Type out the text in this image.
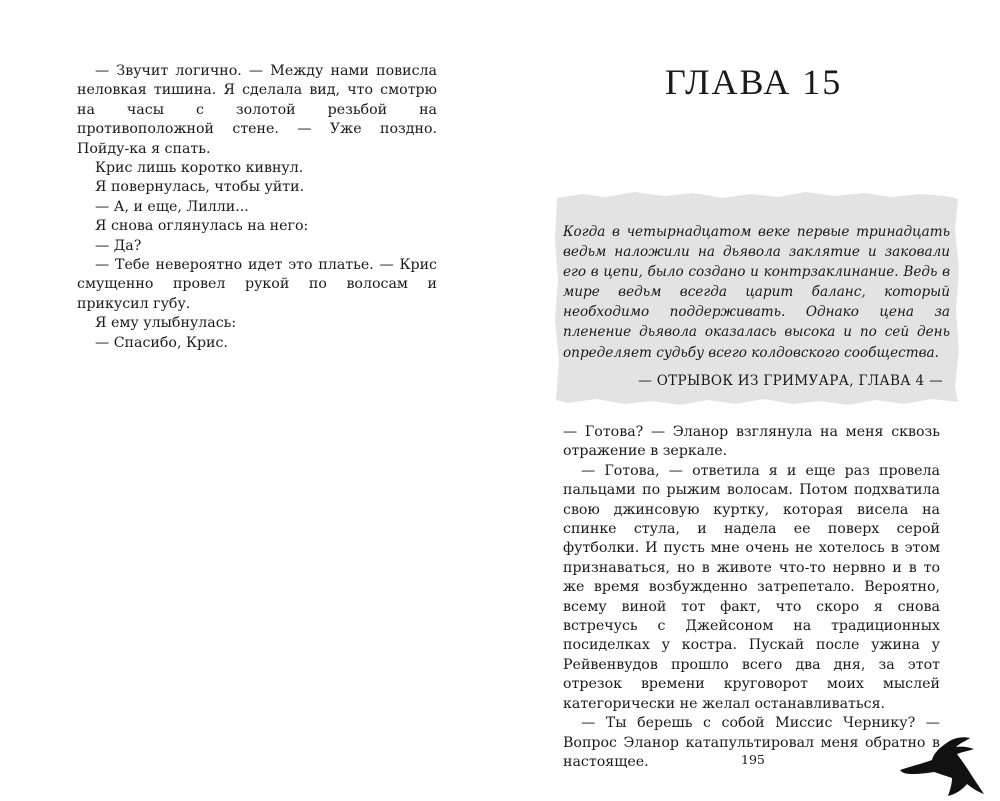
— Звучит логично. — Между нами повисла неловкая тишина. Я сделала вид, что смотрю на часы с золотой резьбой на противоположной стене. — Уже поздно. Пойду-ка я спать.

Крис лишь коротко кивнул.

Я повернулась, чтобы уйти.

— А, и еще, Лилли...

Я снова оглянулась на него:

— Да?

— Тебе невероятно идет это платье. — Крис смущенно провел рукой по волосам и прикусил губу.

Я ему улыбнулась:

— Спасибо, Крис.

ГЛАВА 15
Когда в четырнадцатом веке первые тринадцать ведьм наложили на дьявола заклятие и заковали его в цепи, было создано и контрзаклинание. Ведь в мире ведьм всегда царит баланс, который необходимо поддерживать. Однако цена за пленение дьявола оказалась высока и по сей день определяет судьбу всего колдовского сообщества.
— ОТРЫВОК ИЗ ГРИМУАРА, ГЛАВА 4 —

— Готова? — Эланор взглянула на меня сквозь отражение в зеркале.

— Готова, — ответила я и еще раз провела пальцами по рыжим волосам. Потом подхватила свою джинсовую куртку, которая висела на спинке стула, и надела ее поверх серой футболки. И пусть мне очень не хотелось в этом признаваться, но в животе что-то нервно и в то же время возбужденно затрепетало. Вероятно, всему виной тот факт, что скоро я снова встречусь с Джейсоном на традиционных посиделках у костра. Пускай после ужина у Рейвенвудов прошло всего два дня, за этот отрезок времени круговорот моих мыслей категорически не желал останавливаться.

— Ты берешь с собой Миссис Чернику? — Вопрос Эланор катапультировал меня обратно в настоящее.	195
